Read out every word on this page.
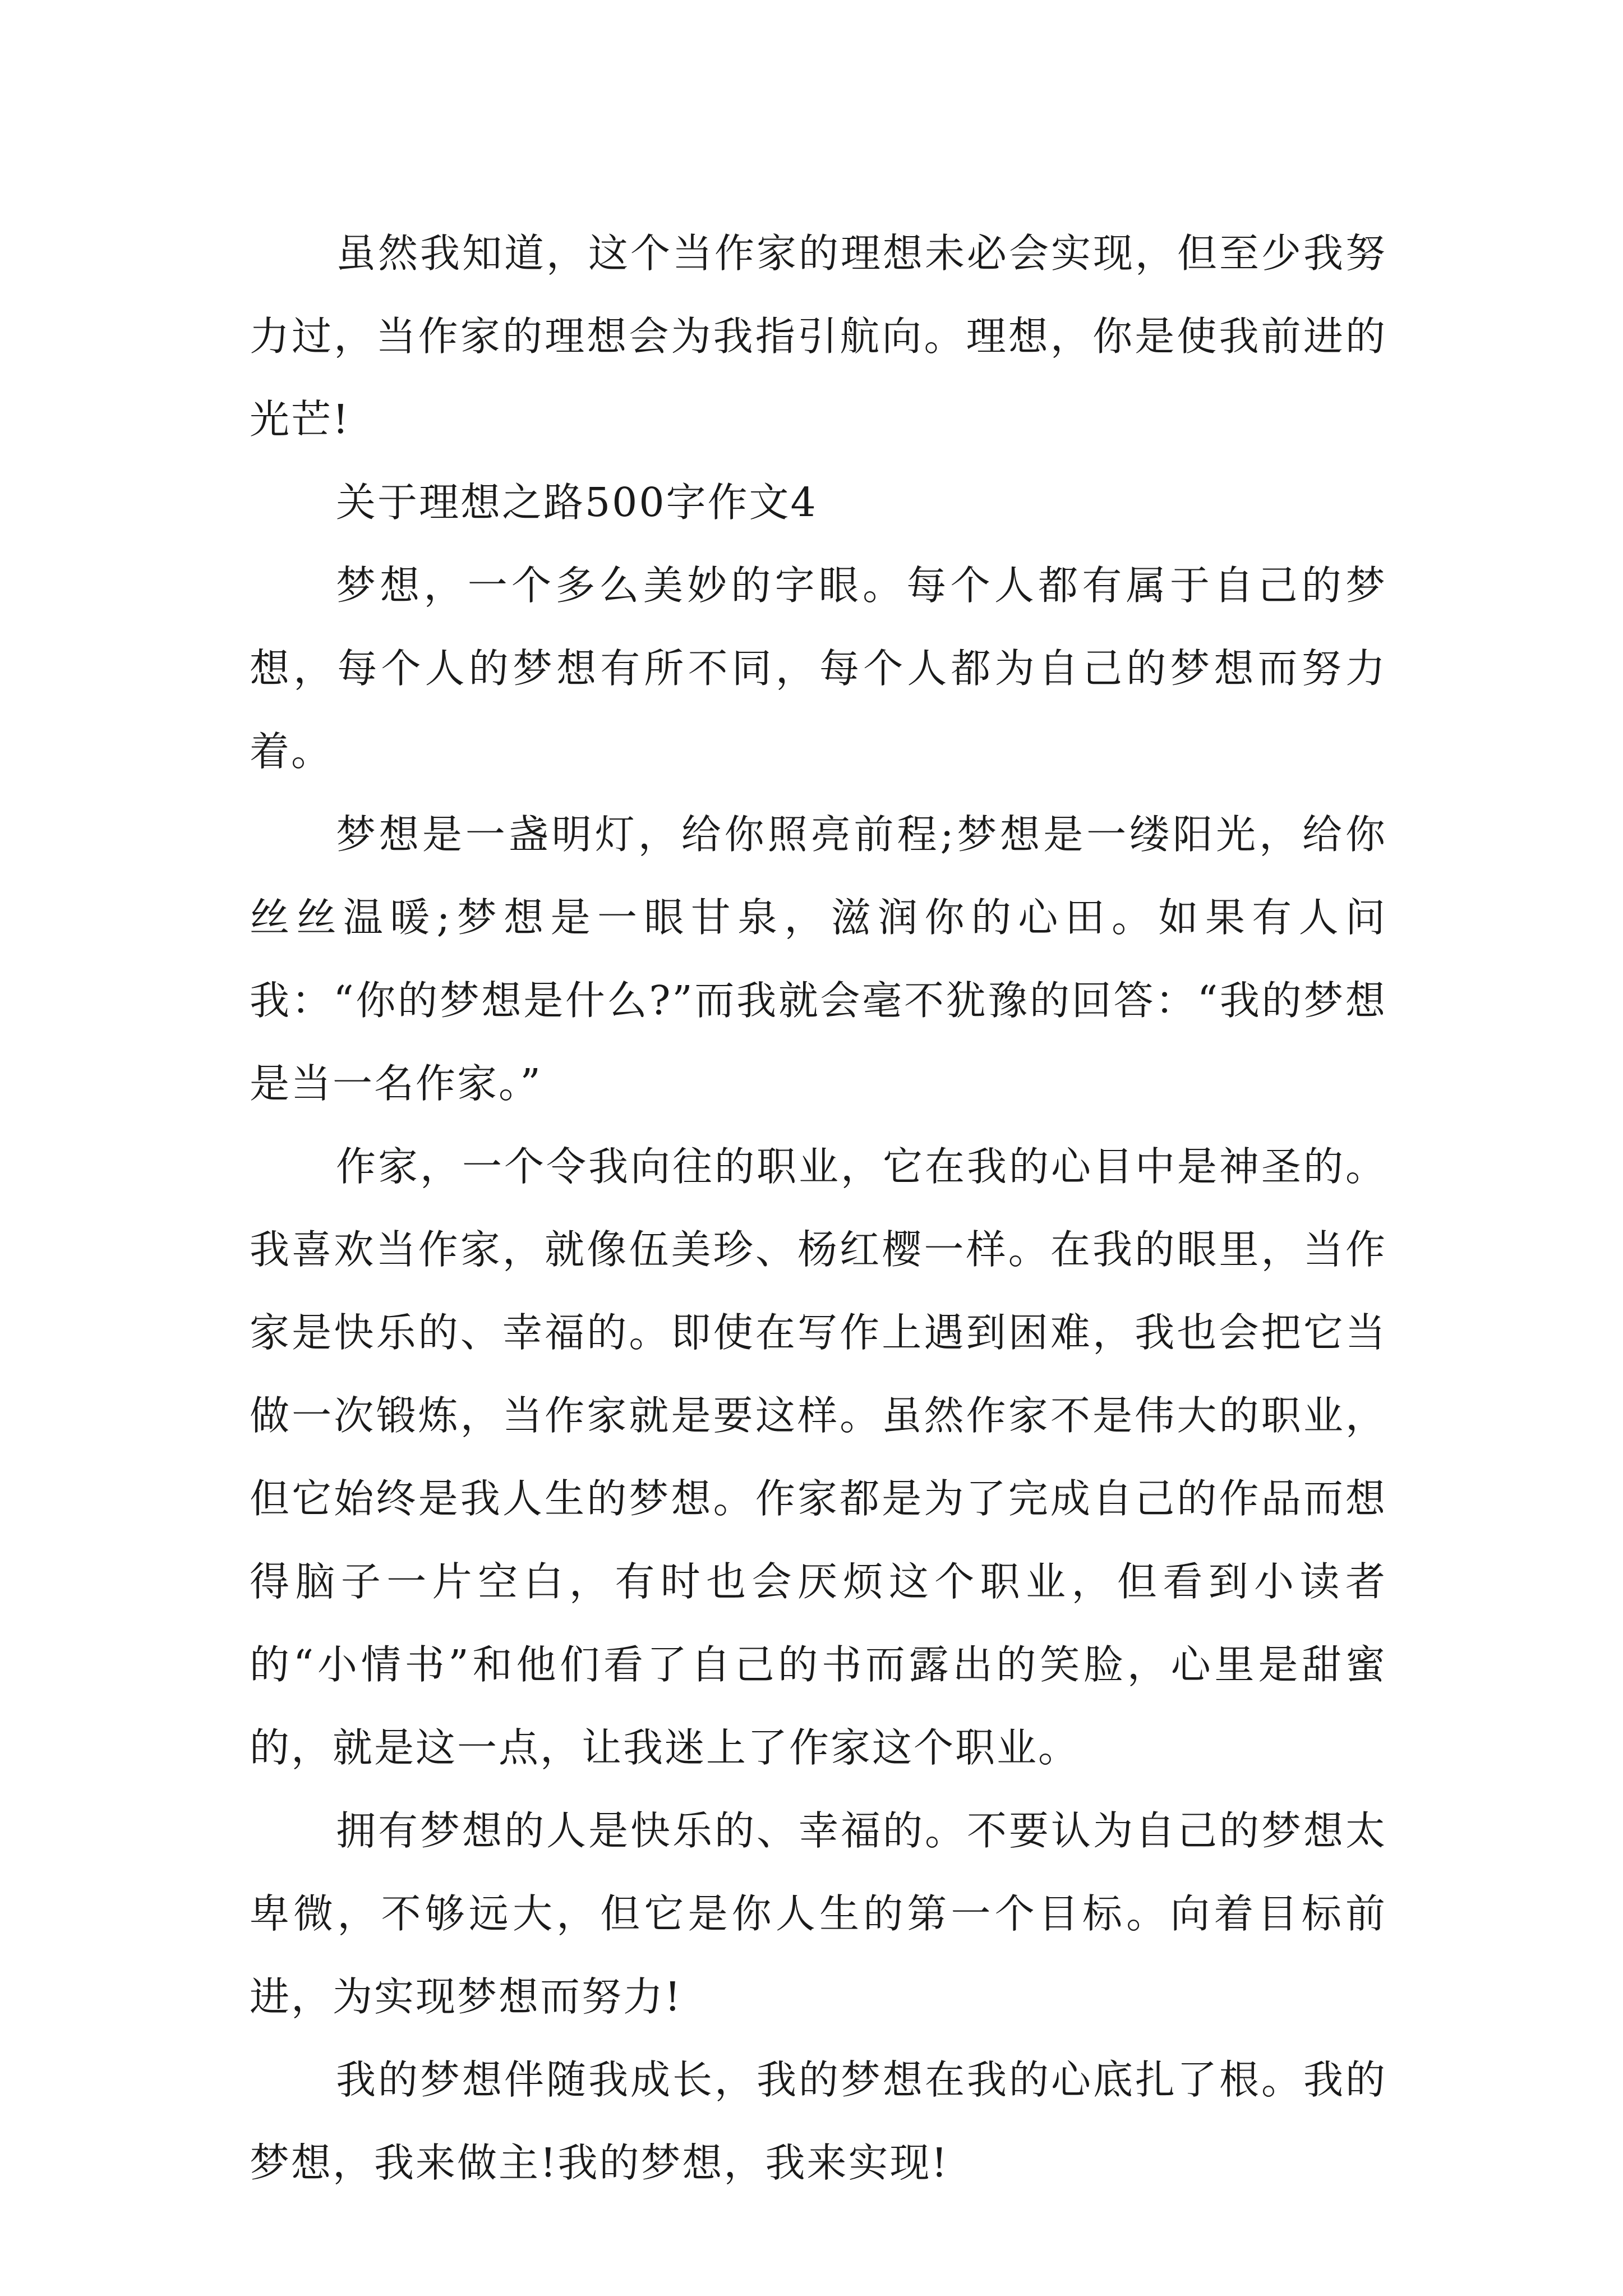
虽然我知道，这个当作家的理想未必会实现，但至少我努力过，当作家的理想会为我指引航向。理想，你是使我前进的光芒!

关于理想之路500字作文4

梦想，一个多么美妙的字眼。每个人都有属于自己的梦想，每个人的梦想有所不同，每个人都为自己的梦想而努力着。

梦想是一盏明灯，给你照亮前程;梦想是一缕阳光，给你丝丝温暖;梦想是一眼甘泉，滋润你的心田。如果有人问我：“你的梦想是什么?”而我就会毫不犹豫的回答：“我的梦想是当一名作家。”

作家，一个令我向往的职业，它在我的心目中是神圣的。我喜欢当作家，就像伍美珍、杨红樱一样。在我的眼里，当作家是快乐的、幸福的。即使在写作上遇到困难，我也会把它当做一次锻炼，当作家就是要这样。虽然作家不是伟大的职业，但它始终是我人生的梦想。作家都是为了完成自己的作品而想得脑子一片空白，有时也会厌烦这个职业，但看到小读者的“小情书”和他们看了自己的书而露出的笑脸，心里是甜蜜的，就是这一点，让我迷上了作家这个职业。

拥有梦想的人是快乐的、幸福的。不要认为自己的梦想太卑微，不够远大，但它是你人生的第一个目标。向着目标前进，为实现梦想而努力!

我的梦想伴随我成长，我的梦想在我的心底扎了根。我的梦想，我来做主!我的梦想，我来实现!
